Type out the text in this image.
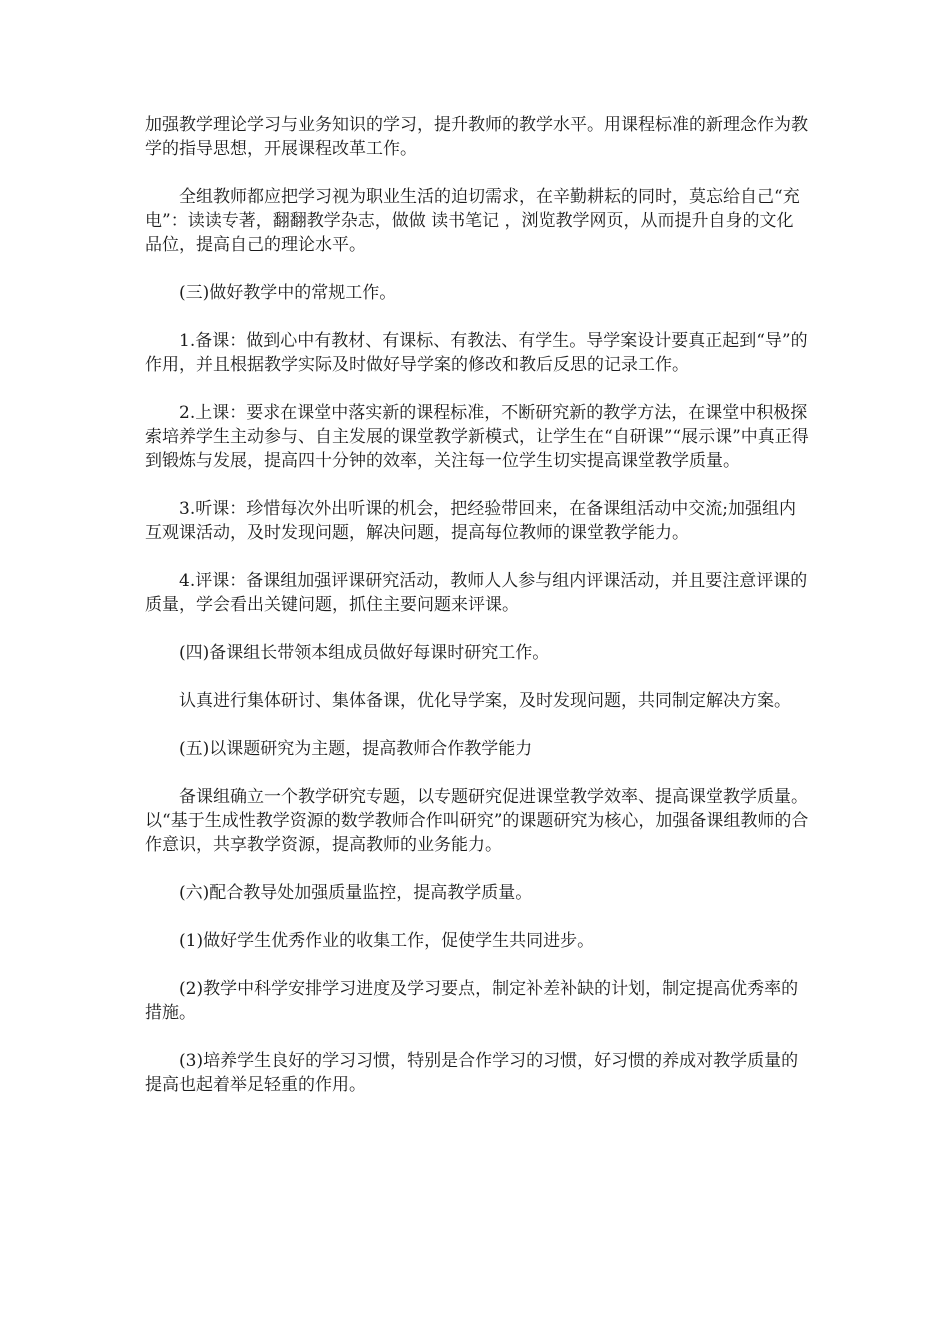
加强教学理论学习与业务知识的学习，提升教师的教学水平。用课程标准的新理念作为教学的指导思想，开展课程改革工作。

全组教师都应把学习视为职业生活的迫切需求，在辛勤耕耘的同时，莫忘给自己“充电”：读读专著，翻翻教学杂志，做做 读书笔记 ，浏览教学网页，从而提升自身的文化品位，提高自己的理论水平。

(三)做好教学中的常规工作。

1.备课：做到心中有教材、有课标、有教法、有学生。导学案设计要真正起到“导”的作用，并且根据教学实际及时做好导学案的修改和教后反思的记录工作。

2.上课：要求在课堂中落实新的课程标准，不断研究新的教学方法，在课堂中积极探索培养学生主动参与、自主发展的课堂教学新模式，让学生在“自研课”“展示课”中真正得到锻炼与发展，提高四十分钟的效率，关注每一位学生切实提高课堂教学质量。

3.听课：珍惜每次外出听课的机会，把经验带回来，在备课组活动中交流;加强组内互观课活动，及时发现问题，解决问题，提高每位教师的课堂教学能力。

4.评课：备课组加强评课研究活动，教师人人参与组内评课活动，并且要注意评课的质量，学会看出关键问题，抓住主要问题来评课。

(四)备课组长带领本组成员做好每课时研究工作。

认真进行集体研讨、集体备课，优化导学案，及时发现问题，共同制定解决方案。

(五)以课题研究为主题，提高教师合作教学能力

备课组确立一个教学研究专题，以专题研究促进课堂教学效率、提高课堂教学质量。以“基于生成性教学资源的数学教师合作叫研究”的课题研究为核心，加强备课组教师的合作意识，共享教学资源，提高教师的业务能力。

(六)配合教导处加强质量监控，提高教学质量。

(1)做好学生优秀作业的收集工作，促使学生共同进步。

(2)教学中科学安排学习进度及学习要点，制定补差补缺的计划，制定提高优秀率的措施。

(3)培养学生良好的学习习惯，特别是合作学习的习惯，好习惯的养成对教学质量的提高也起着举足轻重的作用。
